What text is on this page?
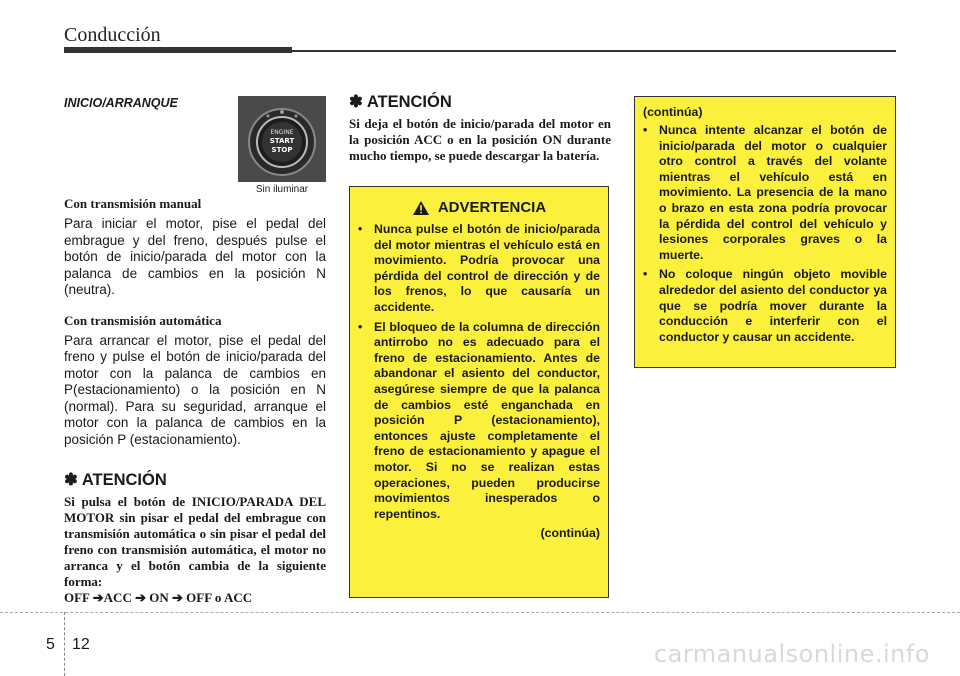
Conducción
INICIO/ARRANQUE
ENGINE
START
STOP
Sin iluminar

Con transmisión manual

Para iniciar el motor, pise el pedal del embrague y del freno, después pulse el botón de inicio/parada del motor con la palanca de cambios en la posición N (neutra).

Con transmisión automática

Para arrancar el motor, pise el pedal del freno y pulse el botón de inicio/parada del motor con la palanca de cambios en P(estacionamiento) o la posición en N (normal). Para su seguridad, arranque el motor con la palanca de cambios en la posición P (estacionamiento).

✽ ATENCIÓN

Si pulsa el botón de INICIO/PARADA DEL MOTOR sin pisar el pedal del embrague con transmisión automática o sin pisar el pedal del freno con transmisión automática, el motor no arranca y el botón cambia de la siguiente forma:

OFF ➔ACC ➔ ON ➔ OFF o ACC

✽ ATENCIÓN

Si deja el botón de inicio/parada del motor en la posición ACC o en la posición ON durante mucho tiempo, se puede descargar la batería.

ADVERTENCIA
• Nunca pulse el botón de inicio/parada del motor mientras el vehículo está en movimiento. Podría provocar una pérdida del control de dirección y de los frenos, lo que causaría un accidente.
• El bloqueo de la columna de dirección antirrobo no es adecuado para el freno de estacionamiento. Antes de abandonar el asiento del conductor, asegúrese siempre de que la palanca de cambios esté enganchada en posición P (estacionamiento), entonces ajuste completamente el freno de estacionamiento y apague el motor. Si no se realizan estas operaciones, pueden producirse movimientos inesperados o repentinos.
(continúa)

(continúa)

• Nunca intente alcanzar el botón de inicio/parada del motor o cualquier otro control a través del volante mientras el vehículo está en movimiento. La presencia de la mano o brazo en esta zona podría provocar la pérdida del control del vehículo y lesiones corporales graves o la muerte.
• No coloque ningún objeto movible alrededor del asiento del conductor ya que se podría mover durante la conducción e interferir con el conductor y causar un accidente.
5 12	carmanualsonline.info
